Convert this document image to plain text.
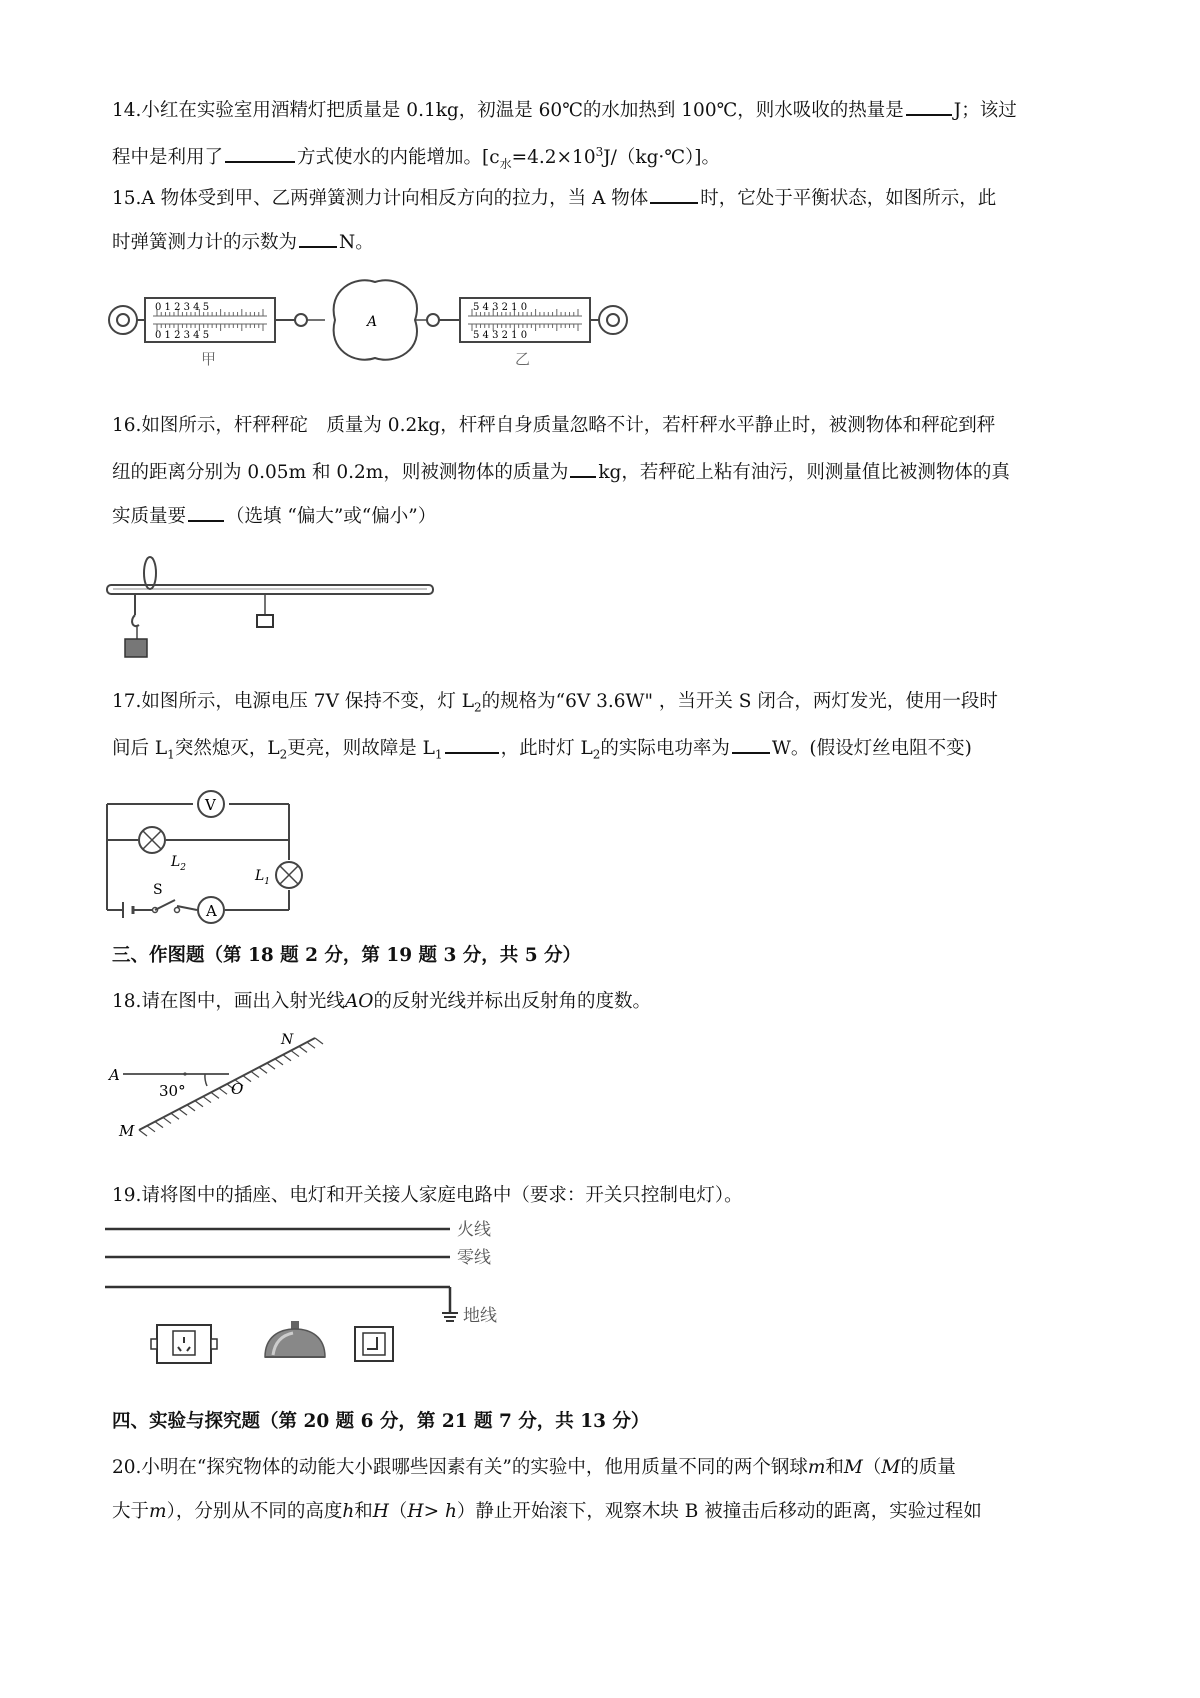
14.小红在实验室用酒精灯把质量是 0.1kg，初温是 60℃的水加热到 100℃，则水吸收的热量是	J；该过
程中是利用了	方式使水的内能增加。$[c_水=4.2\times 10^3J/(kg\cdot℃)]$。
15.A 物体受到甲、乙两弹簧测力计向相反方向的拉力，当 A 物体	时，它处于平衡状态，如图所示，此
时弹簧测力计的示数为 N。
0 1 2 3 4 5
0 1 2 3 4 5
A
5 4 3 2 1 0
5 4 3 2 1 0
甲	乙
16.如图所示，杆秤秤砣　质量为 0.2kg，杆秤自身质量忽略不计，若杆秤水平静止时，被测物体和秤砣到秤
纽的距离分别为 0.05m 和 0.2m，则被测物体的质量为 kg，若秤砣上粘有油污，则测量值比被测物体的真
实质量要 （选填 “偏大”或“偏小”）
17.如图所示，电源电压 7V 保持不变，灯 $L_2$的规格为“6V 3.6W" ，当开关 S 闭合，两灯发光，使用一段时
间后 $L_1$突然熄灭，$L_2$更亮，则故障是 $L_1$	，此时灯 $L_2$的实际电功率为 W。(假设灯丝电阻不变)
V
$L_2$	$L_1$
S
A
三、作图题（第 18 题 2 分，第 19 题 3 分，共 5 分）
18.请在图中，画出入射光线AO的反射光线并标出反射角的度数。
A
N
M
O
30°
19.请将图中的插座、电灯和开关接人家庭电路中（要求：开关只控制电灯）。
火线
零线
地线
四、实验与探究题（第 20 题 6 分，第 21 题 7 分，共 13 分）
20.小明在“探究物体的动能大小跟哪些因素有关”的实验中，他用质量不同的两个钢球m和M（M的质量
大于m），分别从不同的高度h和H（H> h）静止开始滚下，观察木块 B 被撞击后移动的距离，实验过程如
